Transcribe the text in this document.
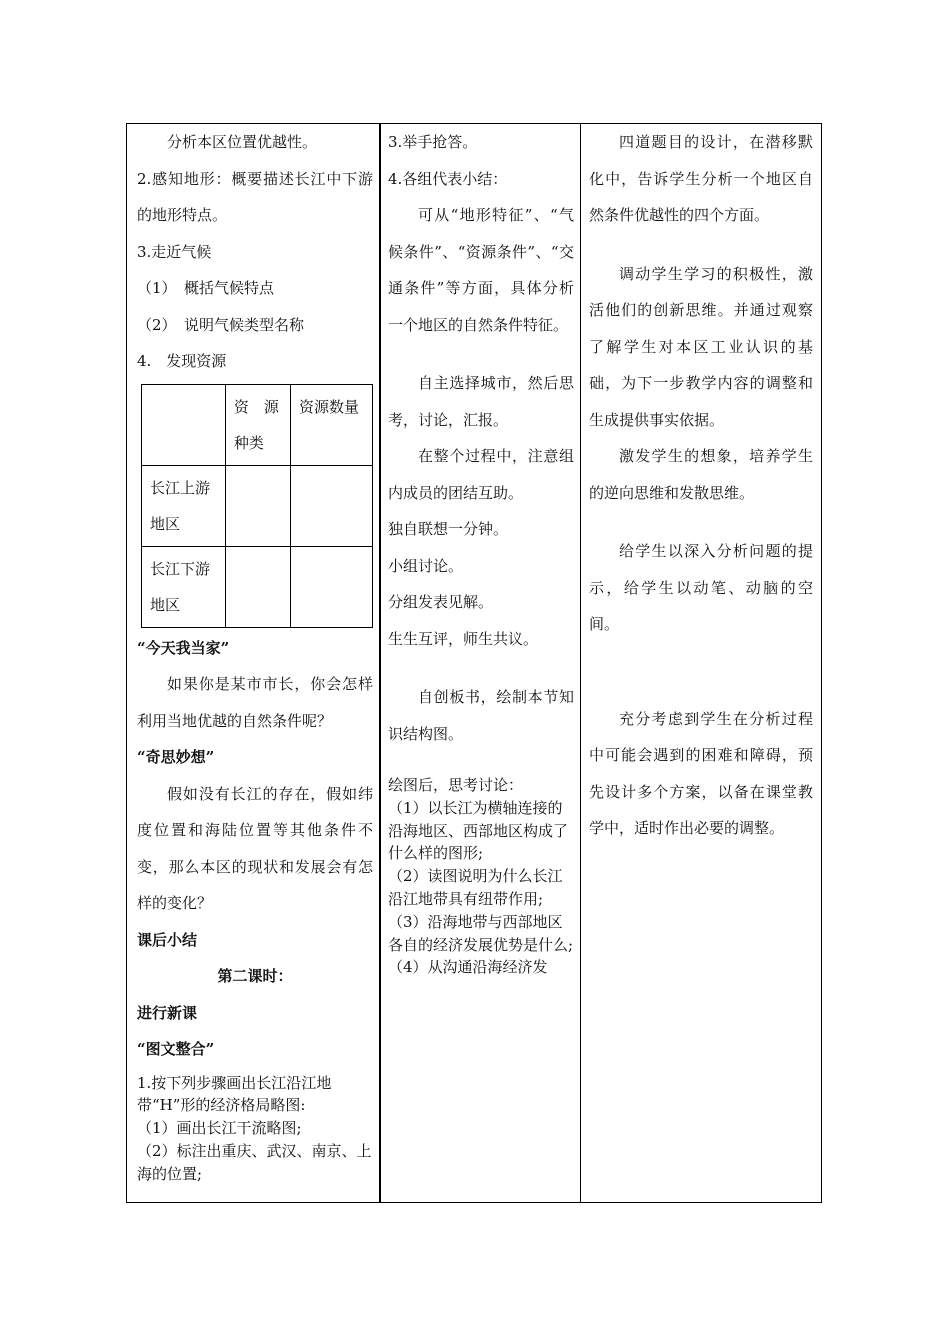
分析本区位置优越性。

2.感知地形：概要描述长江中下游的地形特点。

3.走近气候

（1）　概括气候特点

（2）　说明气候类型名称

4.　发现资源

	资　源种类	资源数量
长江上游地区		
长江下游地区		

“今天我当家”

如果你是某市市长，你会怎样利用当地优越的自然条件呢？

“奇思妙想”

假如没有长江的存在，假如纬度位置和海陆位置等其他条件不变，那么本区的现状和发展会有怎样的变化？

课后小结

第二课时：

进行新课

“图文整合”

1.按下列步骤画出长江沿江地带“H”形的经济格局略图:

（1）画出长江干流略图;

（2）标注出重庆、武汉、南京、上海的位置;

3.举手抢答。

4.各组代表小结：

可从“地形特征”、“气候条件”、“资源条件”、“交通条件”等方面，具体分析一个地区的自然条件特征。

自主选择城市，然后思考，讨论，汇报。

在整个过程中，注意组内成员的团结互助。

独自联想一分钟。

小组讨论。

分组发表见解。

生生互评，师生共议。

自创板书，绘制本节知识结构图。

绘图后，思考讨论：

（1）以长江为横轴连接的沿海地区、西部地区构成了什么样的图形;

（2）读图说明为什么长江沿江地带具有纽带作用;

（3）沿海地带与西部地区各自的经济发展优势是什么;

（4）从沟通沿海经济发

四道题目的设计，在潜移默化中，告诉学生分析一个地区自然条件优越性的四个方面。

调动学生学习的积极性，激活他们的创新思维。并通过观察了解学生对本区工业认识的基础，为下一步教学内容的调整和生成提供事实依据。

激发学生的想象，培养学生的逆向思维和发散思维。

给学生以深入分析问题的提示，给学生以动笔、动脑的空间。

充分考虑到学生在分析过程中可能会遇到的困难和障碍，预先设计多个方案，以备在课堂教学中，适时作出必要的调整。
